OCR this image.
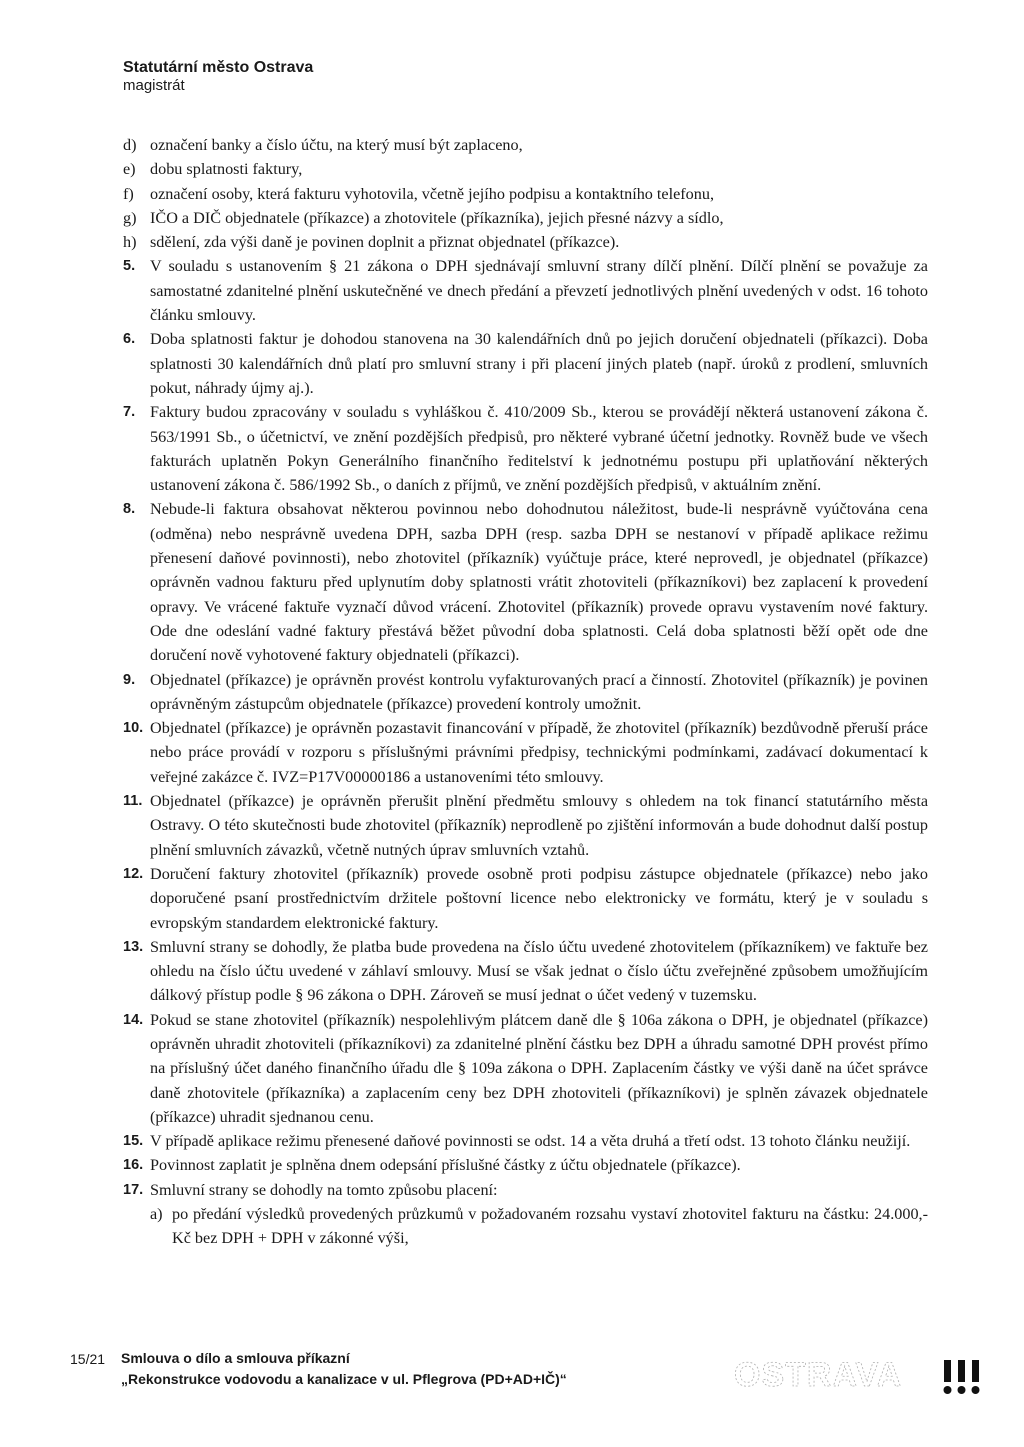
Statutární město Ostrava
magistrát
d) označení banky a číslo účtu, na který musí být zaplaceno,
e) dobu splatnosti faktury,
f) označení osoby, která fakturu vyhotovila, včetně jejího podpisu a kontaktního telefonu,
g) IČO a DIČ objednatele (příkazce) a zhotovitele (příkazníka), jejich přesné názvy a sídlo,
h) sdělení, zda výši daně je povinen doplnit a přiznat objednatel (příkazce).
5. V souladu s ustanovením § 21 zákona o DPH sjednávají smluvní strany dílčí plnění. Dílčí plnění se považuje za samostatné zdanitelné plnění uskutečněné ve dnech předání a převzetí jednotlivých plnění uvedených v odst. 16 tohoto článku smlouvy.
6. Doba splatnosti faktur je dohodou stanovena na 30 kalendářních dnů po jejich doručení objednateli (příkazci). Doba splatnosti 30 kalendářních dnů platí pro smluvní strany i při placení jiných plateb (např. úroků z prodlení, smluvních pokut, náhrady újmy aj.).
7. Faktury budou zpracovány v souladu s vyhláškou č. 410/2009 Sb., kterou se provádějí některá ustanovení zákona č. 563/1991 Sb., o účetnictví, ve znění pozdějších předpisů, pro některé vybrané účetní jednotky. Rovněž bude ve všech fakturách uplatněn Pokyn Generálního finančního ředitelství k jednotnému postupu při uplatňování některých ustanovení zákona č. 586/1992 Sb., o daních z příjmů, ve znění pozdějších předpisů, v aktuálním znění.
8. Nebude-li faktura obsahovat některou povinnou nebo dohodnutou náležitost, bude-li nesprávně vyúčtována cena (odměna) nebo nesprávně uvedena DPH, sazba DPH (resp. sazba DPH se nestanoví v případě aplikace režimu přenesení daňové povinnosti), nebo zhotovitel (příkazník) vyúčtuje práce, které neprovedl, je objednatel (příkazce) oprávněn vadnou fakturu před uplynutím doby splatnosti vrátit zhotoviteli (příkazníkovi) bez zaplacení k provedení opravy. Ve vrácené faktuře vyznačí důvod vrácení. Zhotovitel (příkazník) provede opravu vystavením nové faktury. Ode dne odeslání vadné faktury přestává běžet původní doba splatnosti. Celá doba splatnosti běží opět ode dne doručení nově vyhotovené faktury objednateli (příkazci).
9. Objednatel (příkazce) je oprávněn provést kontrolu vyfakturovaných prací a činností. Zhotovitel (příkazník) je povinen oprávněným zástupcům objednatele (příkazce) provedení kontroly umožnit.
10. Objednatel (příkazce) je oprávněn pozastavit financování v případě, že zhotovitel (příkazník) bezdůvodně přeruší práce nebo práce provádí v rozporu s příslušnými právními předpisy, technickými podmínkami, zadávací dokumentací k veřejné zakázce č. IVZ=P17V00000186 a ustanoveními této smlouvy.
11. Objednatel (příkazce) je oprávněn přerušit plnění předmětu smlouvy s ohledem na tok financí statutárního města Ostravy. O této skutečnosti bude zhotovitel (příkazník) neprodleně po zjištění informován a bude dohodnut další postup plnění smluvních závazků, včetně nutných úprav smluvních vztahů.
12. Doručení faktury zhotovitel (příkazník) provede osobně proti podpisu zástupce objednatele (příkazce) nebo jako doporučené psaní prostřednictvím držitele poštovní licence nebo elektronicky ve formátu, který je v souladu s evropským standardem elektronické faktury.
13. Smluvní strany se dohodly, že platba bude provedena na číslo účtu uvedené zhotovitelem (příkazníkem) ve faktuře bez ohledu na číslo účtu uvedené v záhlaví smlouvy. Musí se však jednat o číslo účtu zveřejněné způsobem umožňujícím dálkový přístup podle § 96 zákona o DPH. Zároveň se musí jednat o účet vedený v tuzemsku.
14. Pokud se stane zhotovitel (příkazník) nespolehlivým plátcem daně dle § 106a zákona o DPH, je objednatel (příkazce) oprávněn uhradit zhotoviteli (příkazníkovi) za zdanitelné plnění částku bez DPH a úhradu samotné DPH provést přímo na příslušný účet daného finančního úřadu dle § 109a zákona o DPH. Zaplacením částky ve výši daně na účet správce daně zhotovitele (příkazníka) a zaplacením ceny bez DPH zhotoviteli (příkazníkovi) je splněn závazek objednatele (příkazce) uhradit sjednanou cenu.
15. V případě aplikace režimu přenesené daňové povinnosti se odst. 14 a věta druhá a třetí odst. 13 tohoto článku neužijí.
16. Povinnost zaplatit je splněna dnem odepsání příslušné částky z účtu objednatele (příkazce).
17. Smluvní strany se dohodly na tomto způsobu placení:
a) po předání výsledků provedených průzkumů v požadovaném rozsahu vystaví zhotovitel fakturu na částku: 24.000,- Kč bez DPH + DPH v zákonné výši,
15/21 Smlouva o dílo a smlouva příkazní
„Rekonstrukce vodovodu a kanalizace v ul. Pflegrova (PD+AD+IČ)“	OSTRAVA
